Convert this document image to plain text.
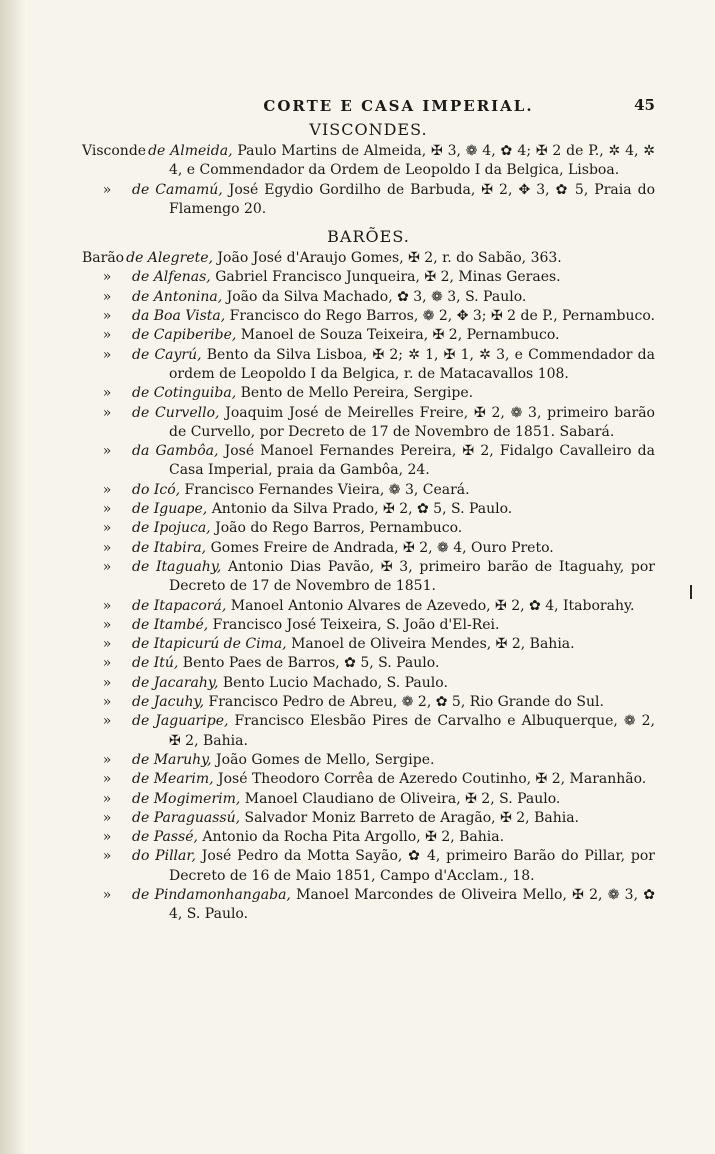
CORTE E CASA IMPERIAL.	45
VISCONDES.
Visconde de Almeida, Paulo Martins de Almeida, ✠ 3, ❁ 4, ✿ 4; ✠ 2 de P., ✲ 4, ✲ 4, e Commendador da Ordem de Leopoldo I da Belgica, Lisboa.
» de Camamú, José Egydio Gordilho de Barbuda, ✠ 2, ✥ 3, ✿ 5, Praia do Flamengo 20.
BARÕES.
Barão de Alegrete, João José d'Araujo Gomes, ✠ 2, r. do Sabão, 363.
» de Alfenas, Gabriel Francisco Junqueira, ✠ 2, Minas Geraes.
» de Antonina, João da Silva Machado, ✿ 3, ❁ 3, S. Paulo.
» da Boa Vista, Francisco do Rego Barros, ❁ 2, ✥ 3; ✠ 2 de P., Pernambuco.
» de Capiberibe, Manoel de Souza Teixeira, ✠ 2, Pernambuco.
» de Cayrú, Bento da Silva Lisboa, ✠ 2; ✲ 1, ✠ 1, ✲ 3, e Commendador da ordem de Leopoldo I da Belgica, r. de Matacavallos 108.
» de Cotinguiba, Bento de Mello Pereira, Sergipe.
» de Curvello, Joaquim José de Meirelles Freire, ✠ 2, ❁ 3, primeiro barão de Curvello, por Decreto de 17 de Novembro de 1851. Sabará.
» da Gambôa, José Manoel Fernandes Pereira, ✠ 2, Fidalgo Cavalleiro da Casa Imperial, praia da Gambôa, 24.
» do Icó, Francisco Fernandes Vieira, ❁ 3, Ceará.
» de Iguape, Antonio da Silva Prado, ✠ 2, ✿ 5, S. Paulo.
» de Ipojuca, João do Rego Barros, Pernambuco.
» de Itabira, Gomes Freire de Andrada, ✠ 2, ❁ 4, Ouro Preto.
» de Itaguahy, Antonio Dias Pavão, ✠ 3, primeiro barão de Itaguahy, por Decreto de 17 de Novembro de 1851.
» de Itapacorá, Manoel Antonio Alvares de Azevedo, ✠ 2, ✿ 4, Itaborahy.
» de Itambé, Francisco José Teixeira, S. João d'El-Rei.
» de Itapicurú de Cima, Manoel de Oliveira Mendes, ✠ 2, Bahia.
» de Itú, Bento Paes de Barros, ✿ 5, S. Paulo.
» de Jacarahy, Bento Lucio Machado, S. Paulo.
» de Jacuhy, Francisco Pedro de Abreu, ❁ 2, ✿ 5, Rio Grande do Sul.
» de Jaguaripe, Francisco Elesbão Pires de Carvalho e Albuquerque, ❁ 2, ✠ 2, Bahia.
» de Maruhy, João Gomes de Mello, Sergipe.
» de Mearim, José Theodoro Corrêa de Azeredo Coutinho, ✠ 2, Maranhão.
» de Mogimerim, Manoel Claudiano de Oliveira, ✠ 2, S. Paulo.
» de Paraguassú, Salvador Moniz Barreto de Aragão, ✠ 2, Bahia.
» de Passé, Antonio da Rocha Pita Argollo, ✠ 2, Bahia.
» do Pillar, José Pedro da Motta Sayão, ✿ 4, primeiro Barão do Pillar, por Decreto de 16 de Maio 1851, Campo d'Acclam., 18.
» de Pindamonhangaba, Manoel Marcondes de Oliveira Mello, ✠ 2, ❁ 3, ✿ 4, S. Paulo.
